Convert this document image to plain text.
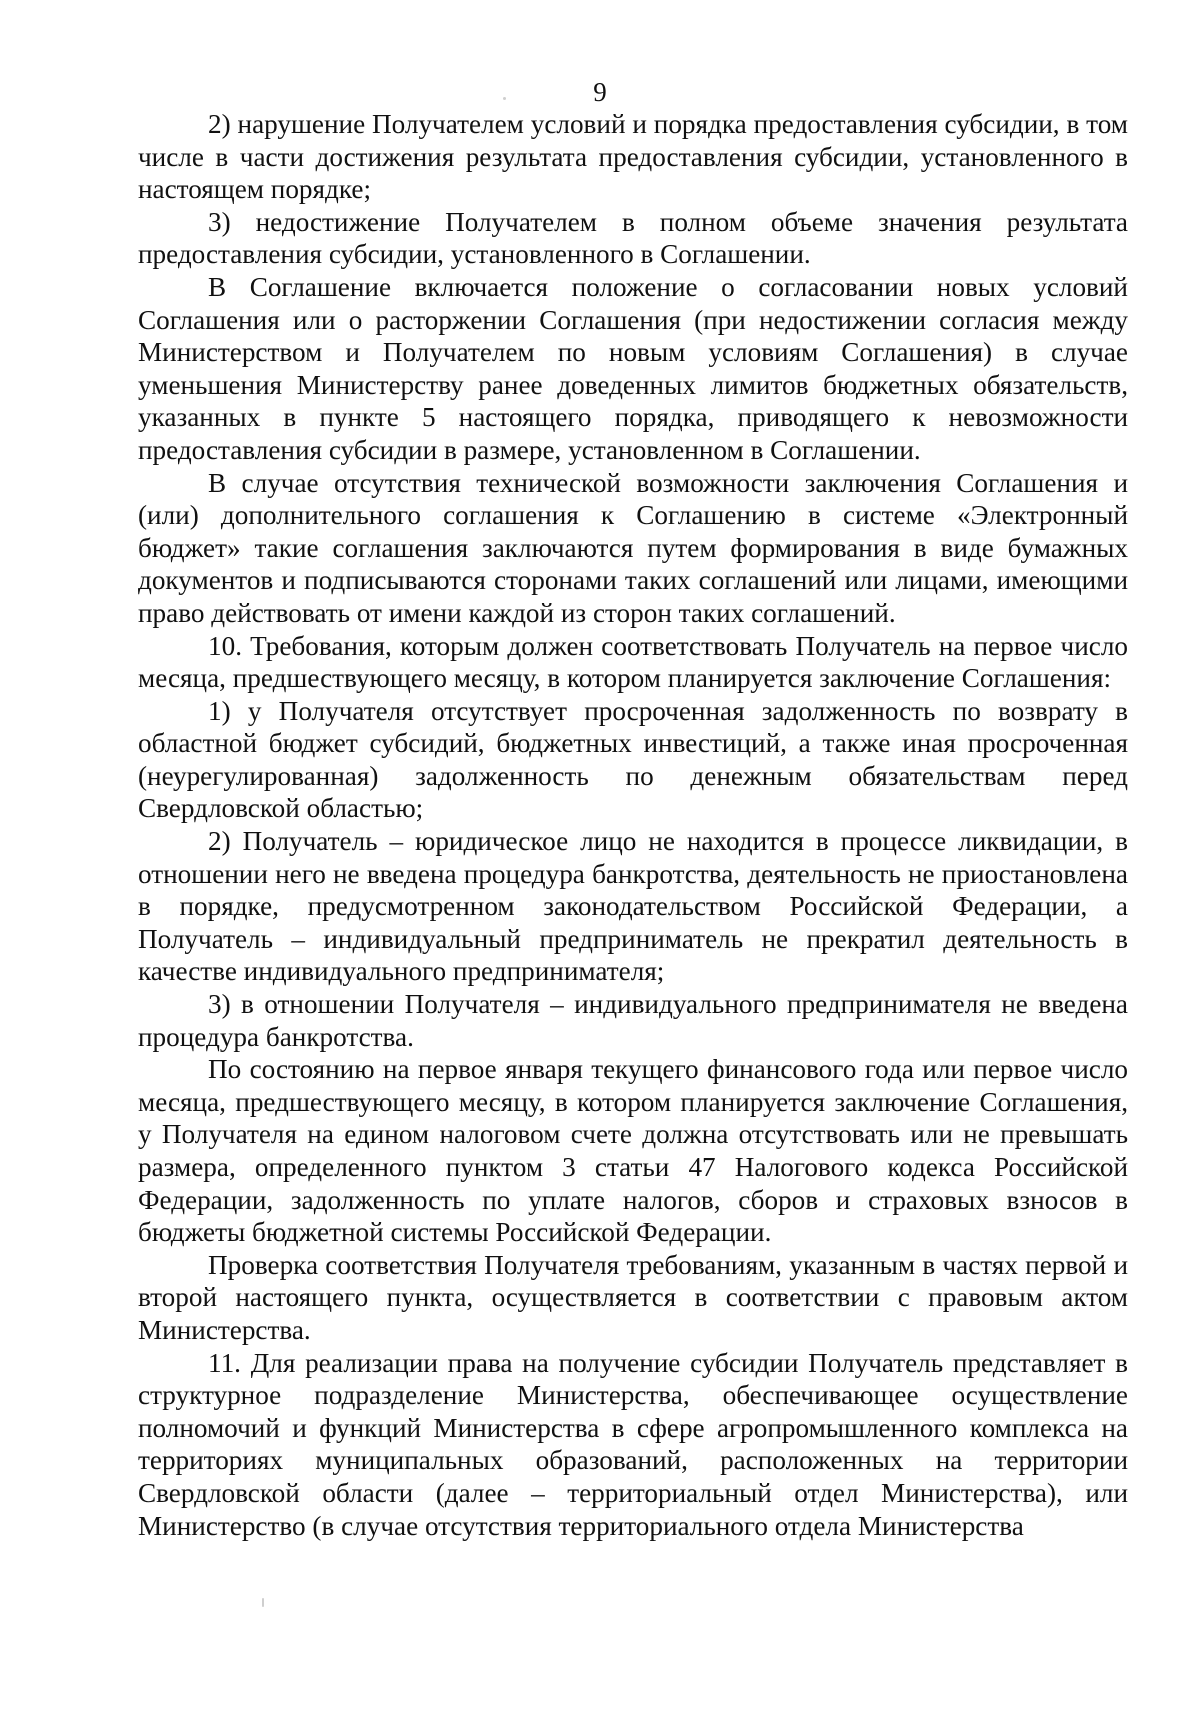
9

2) нарушение Получателем условий и порядка предоставления субсидии, в том числе в части достижения результата предоставления субсидии, установленного в настоящем порядке;

3) недостижение Получателем в полном объеме значения результата предоставления субсидии, установленного в Соглашении.

В Соглашение включается положение о согласовании новых условий Соглашения или о расторжении Соглашения (при недостижении согласия между Министерством и Получателем по новым условиям Соглашения) в случае уменьшения Министерству ранее доведенных лимитов бюджетных обязательств, указанных в пункте 5 настоящего порядка, приводящего к невозможности предоставления субсидии в размере, установленном в Соглашении.

В случае отсутствия технической возможности заключения Соглашения и (или) дополнительного соглашения к Соглашению в системе «Электронный бюджет» такие соглашения заключаются путем формирования в виде бумажных документов и подписываются сторонами таких соглашений или лицами, имеющими право действовать от имени каждой из сторон таких соглашений.

10. Требования, которым должен соответствовать Получатель на первое число месяца, предшествующего месяцу, в котором планируется заключение Соглашения:

1) у Получателя отсутствует просроченная задолженность по возврату в областной бюджет субсидий, бюджетных инвестиций, а также иная просроченная (неурегулированная) задолженность по денежным обязательствам перед Свердловской областью;

2) Получатель – юридическое лицо не находится в процессе ликвидации, в отношении него не введена процедура банкротства, деятельность не приостановлена в порядке, предусмотренном законодательством Российской Федерации, а Получатель – индивидуальный предприниматель не прекратил деятельность в качестве индивидуального предпринимателя;

3) в отношении Получателя – индивидуального предпринимателя не введена процедура банкротства.

По состоянию на первое января текущего финансового года или первое число месяца, предшествующего месяцу, в котором планируется заключение Соглашения, у Получателя на едином налоговом счете должна отсутствовать или не превышать размера, определенного пунктом 3 статьи 47 Налогового кодекса Российской Федерации, задолженность по уплате налогов, сборов и страховых взносов в бюджеты бюджетной системы Российской Федерации.

Проверка соответствия Получателя требованиям, указанным в частях первой и второй настоящего пункта, осуществляется в соответствии с правовым актом Министерства.

11. Для реализации права на получение субсидии Получатель представляет в структурное подразделение Министерства, обеспечивающее осуществление полномочий и функций Министерства в сфере агропромышленного комплекса на территориях муниципальных образований, расположенных на территории Свердловской области (далее – территориальный отдел Министерства), или Министерство (в случае отсутствия территориального отдела Министерства
